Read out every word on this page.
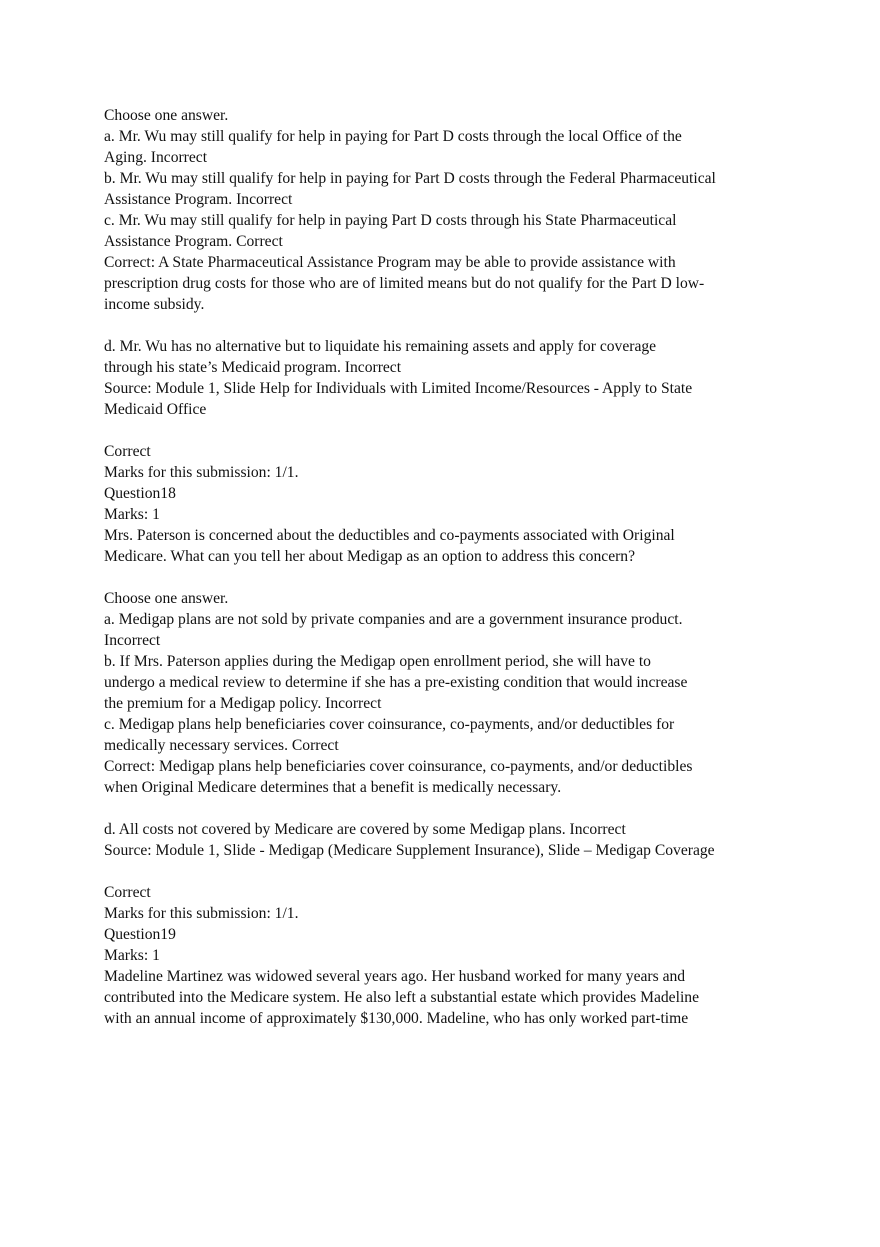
Choose one answer.
a. Mr. Wu may still qualify for help in paying for Part D costs through the local Office of the
Aging. Incorrect
b. Mr. Wu may still qualify for help in paying for Part D costs through the Federal Pharmaceutical
Assistance Program. Incorrect
c. Mr. Wu may still qualify for help in paying Part D costs through his State Pharmaceutical
Assistance Program. Correct
Correct: A State Pharmaceutical Assistance Program may be able to provide assistance with
prescription drug costs for those who are of limited means but do not qualify for the Part D low-
income subsidy.
d. Mr. Wu has no alternative but to liquidate his remaining assets and apply for coverage
through his state’s Medicaid program. Incorrect
Source: Module 1, Slide Help for Individuals with Limited Income/Resources - Apply to State
Medicaid Office
Correct
Marks for this submission: 1/1.
Question18
Marks: 1
Mrs. Paterson is concerned about the deductibles and co-payments associated with Original
Medicare. What can you tell her about Medigap as an option to address this concern?
Choose one answer.
a. Medigap plans are not sold by private companies and are a government insurance product.
Incorrect
b. If Mrs. Paterson applies during the Medigap open enrollment period, she will have to
undergo a medical review to determine if she has a pre-existing condition that would increase
the premium for a Medigap policy. Incorrect
c. Medigap plans help beneficiaries cover coinsurance, co-payments, and/or deductibles for
medically necessary services. Correct
Correct: Medigap plans help beneficiaries cover coinsurance, co-payments, and/or deductibles
when Original Medicare determines that a benefit is medically necessary.
d. All costs not covered by Medicare are covered by some Medigap plans. Incorrect
Source: Module 1, Slide - Medigap (Medicare Supplement Insurance), Slide – Medigap Coverage
Correct
Marks for this submission: 1/1.
Question19
Marks: 1
Madeline Martinez was widowed several years ago. Her husband worked for many years and
contributed into the Medicare system. He also left a substantial estate which provides Madeline
with an annual income of approximately $130,000. Madeline, who has only worked part-time
